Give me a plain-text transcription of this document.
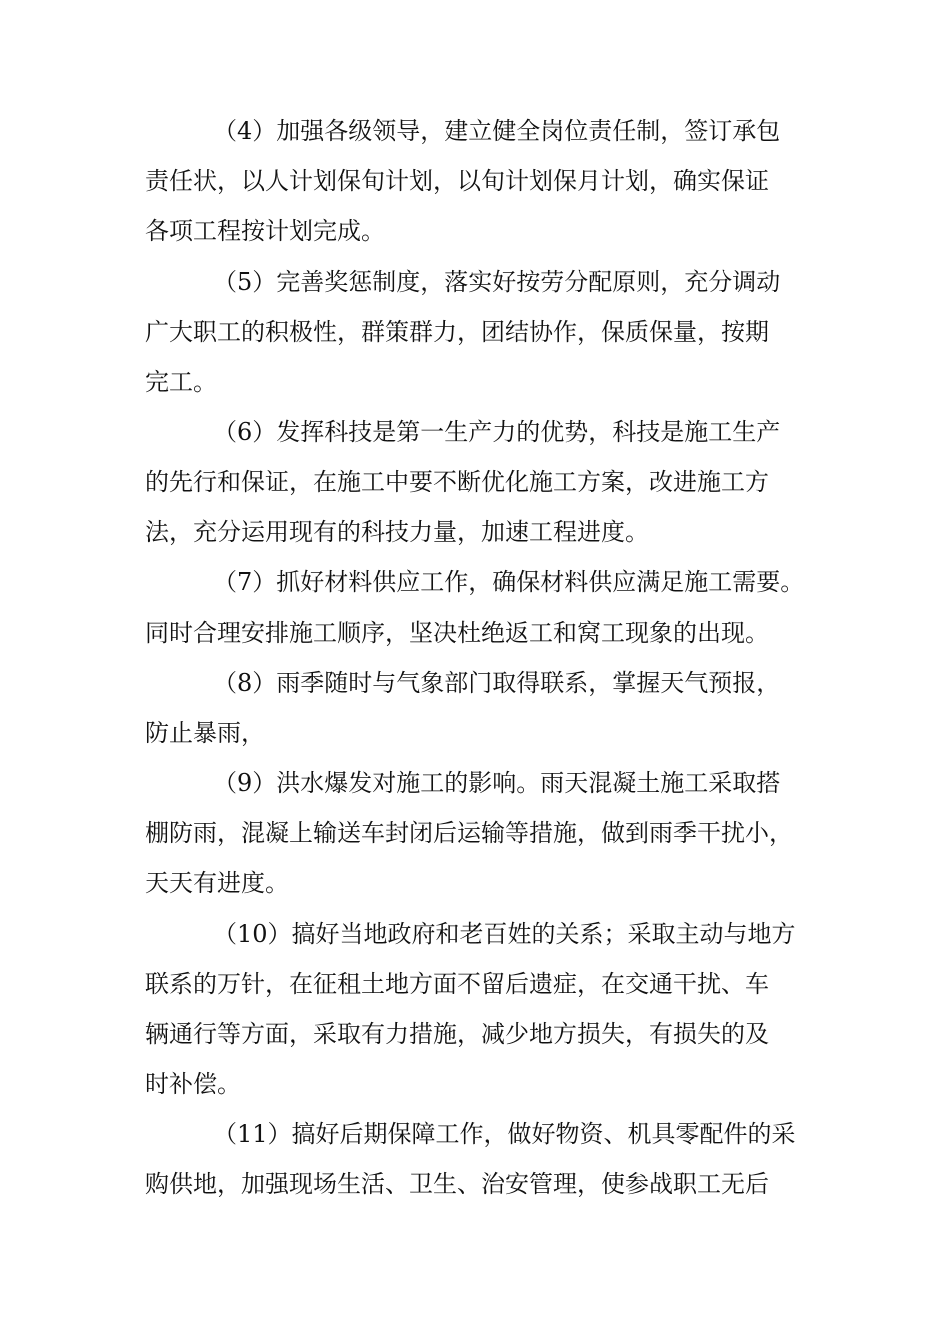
（4）加强各级领导，建立健全岗位责任制，签订承包

责任状，以人计划保旬计划，以旬计划保月计划，确实保证

各项工程按计划完成。

（5）完善奖惩制度，落实好按劳分配原则，充分调动

广大职工的积极性，群策群力，团结协作，保质保量，按期

完工。

（6）发挥科技是第一生产力的优势，科技是施工生产

的先行和保证，在施工中要不断优化施工方案，改进施工方

法，充分运用现有的科技力量，加速工程进度。

（7）抓好材料供应工作，确保材料供应满足施工需要。

同时合理安排施工顺序，坚决杜绝返工和窝工现象的出现。

（8）雨季随时与气象部门取得联系，掌握天气预报，

防止暴雨，

（9）洪水爆发对施工的影响。雨天混凝土施工采取搭

棚防雨，混凝上输送车封闭后运输等措施，做到雨季干扰小，

天天有进度。

（10）搞好当地政府和老百姓的关系；采取主动与地方

联系的万针，在征租土地方面不留后遗症，在交通干扰、车

辆通行等方面，采取有力措施，减少地方损失，有损失的及

时补偿。

（11）搞好后期保障工作，做好物资、机具零配件的采

购供地，加强现场生活、卫生、治安管理，使参战职工无后
